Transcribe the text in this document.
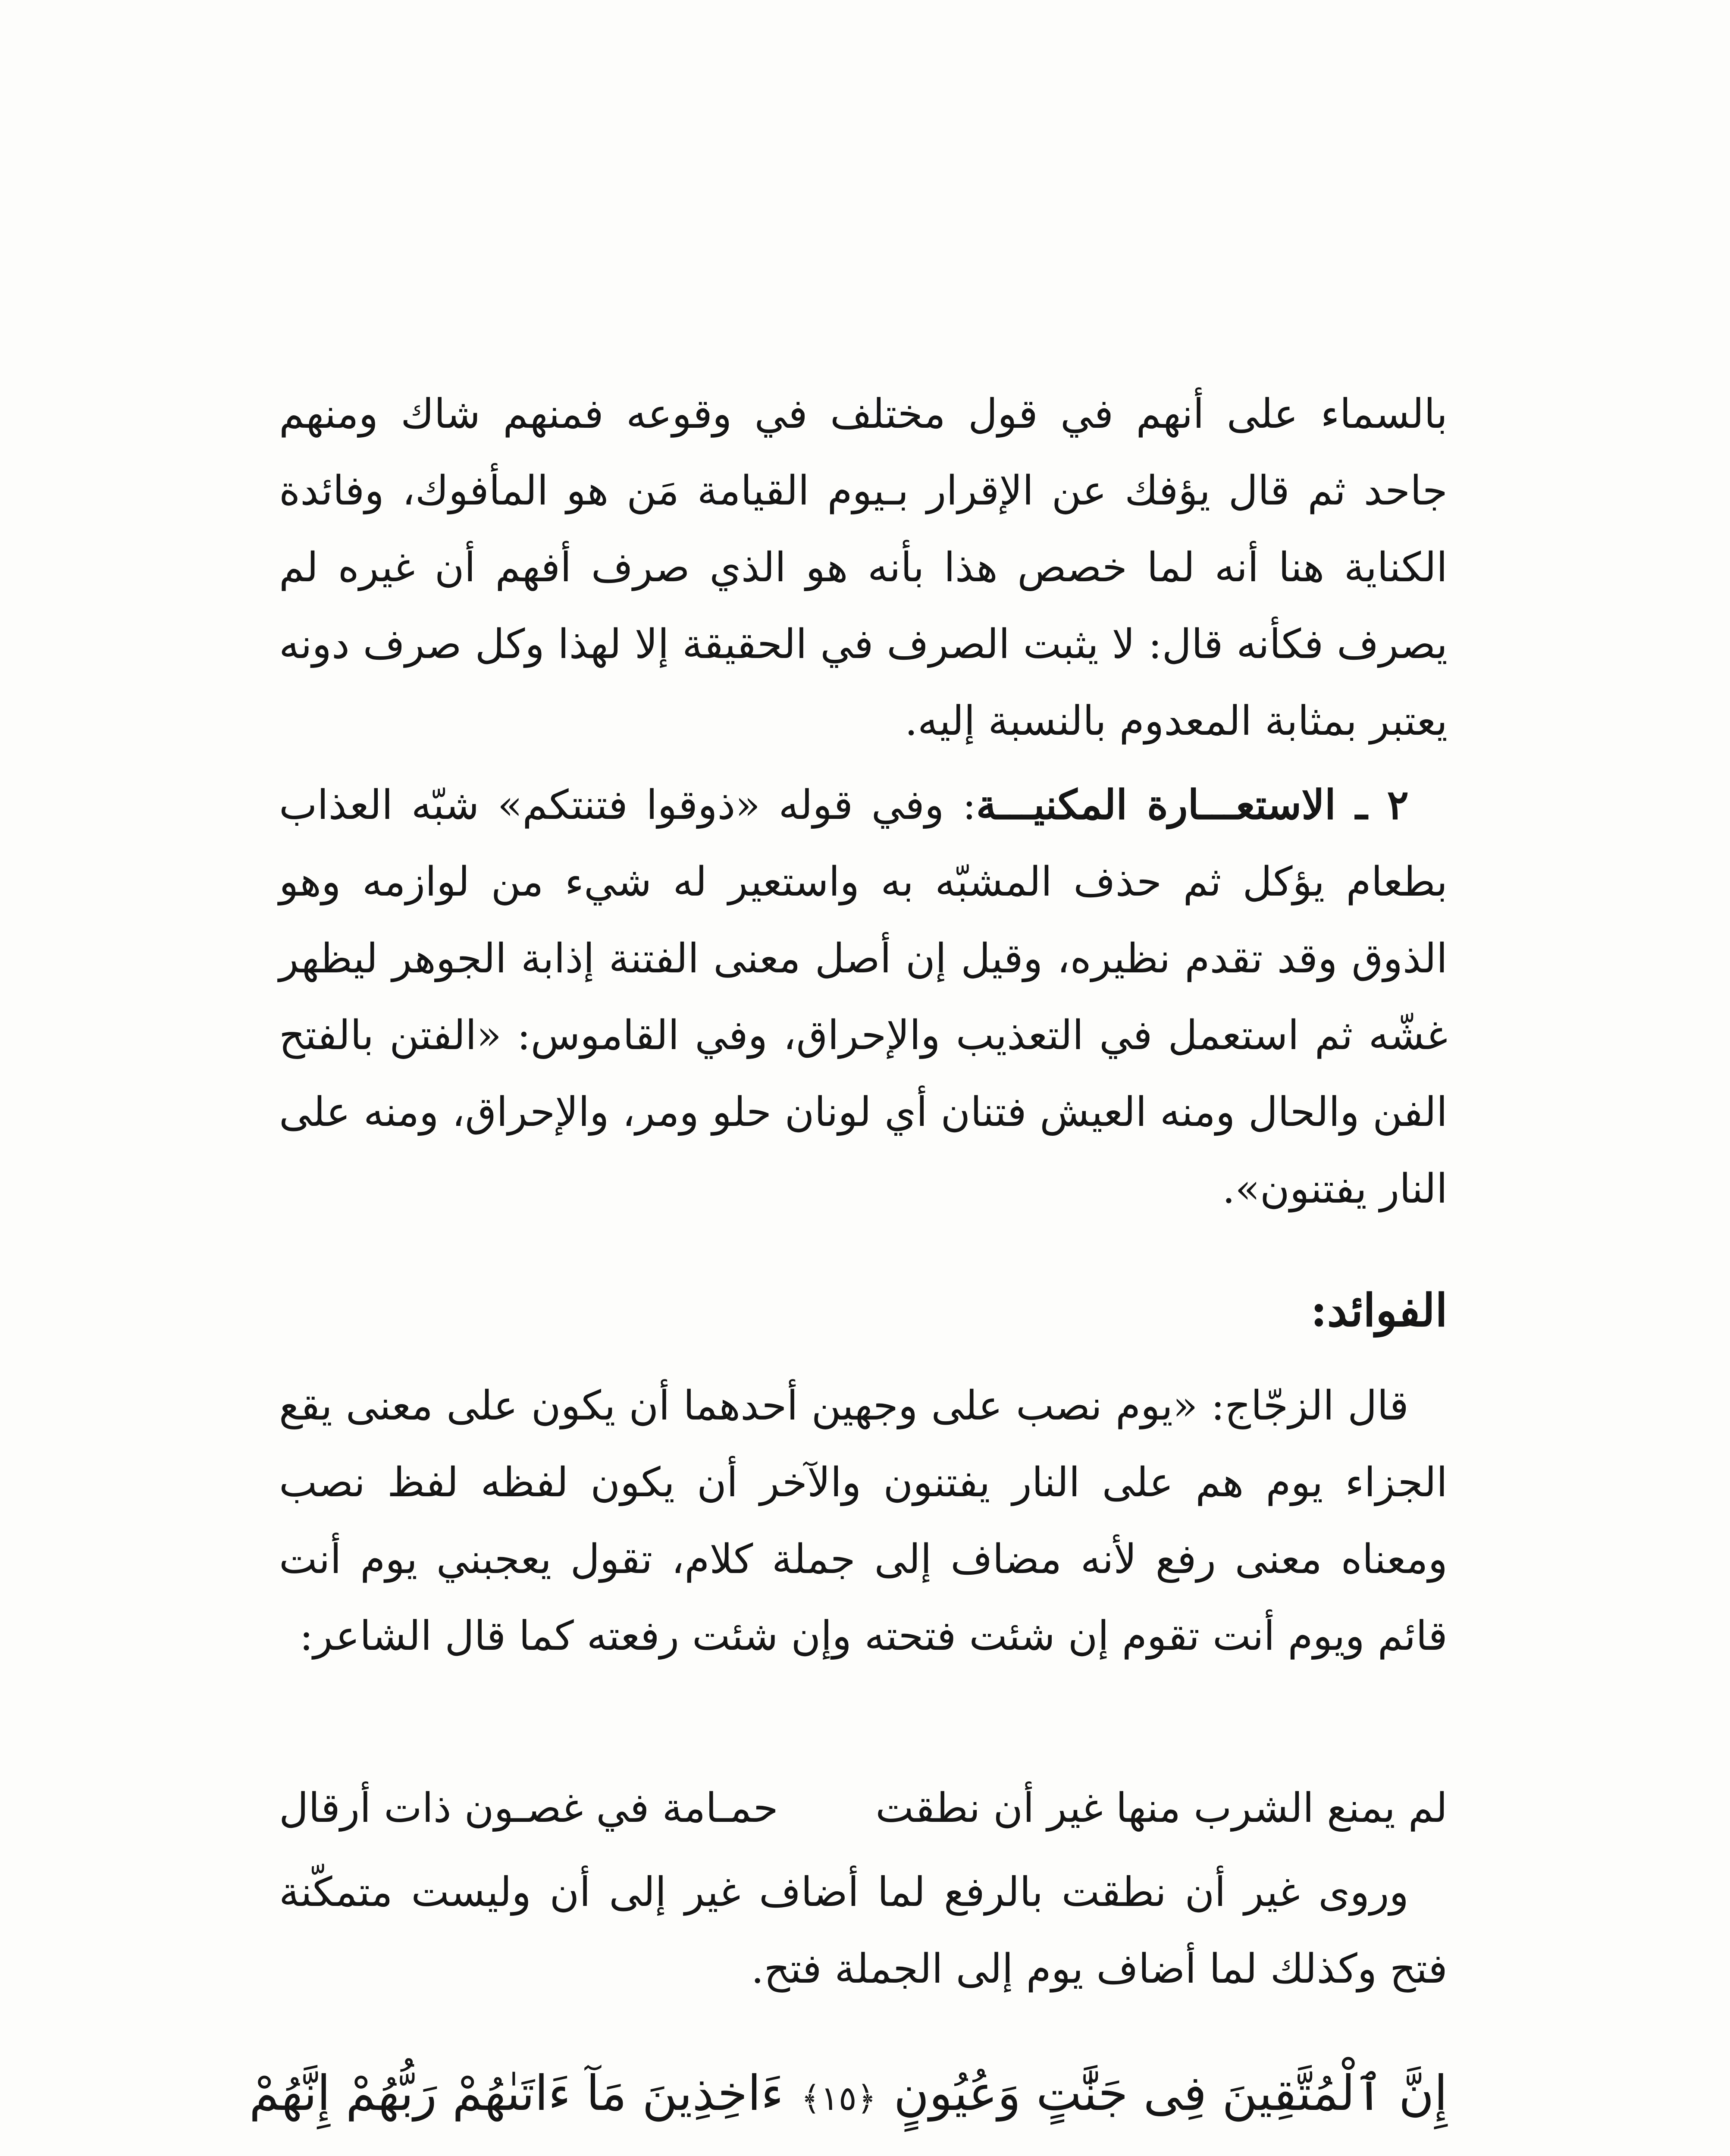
بالسماء على أنهم في قول مختلف في وقوعه فمنهم شاك ومنهم جاحد ثم قال يؤفك عن الإقرار بـيوم القيامة مَن هو المأفوك، وفائدة الكناية هنا أنه لما خصص هذا بأنه هو الذي صرف أفهم أن غيره لم يصرف فكأنه قال: لا يثبت الصرف في الحقيقة إلا لهذا وكل صرف دونه يعتبر بمثابة المعدوم بالنسبة إليه.

٢ ـ الاستعـــارة المكنيـــة: وفي قوله «ذوقوا فتنتكم» شبّه العذاب بطعام يؤكل ثم حذف المشبّه به واستعير له شيء من لوازمه وهو الذوق وقد تقدم نظيره، وقيل إن أصل معنى الفتنة إذابة الجوهر ليظهر غشّه ثم استعمل في التعذيب والإحراق، وفي القاموس: «الفتن بالفتح الفن والحال ومنه العيش فتنان أي لونان حلو ومر، والإحراق، ومنه على النار يفتنون».

الفوائد:

قال الزجّاج: «يوم نصب على وجهين أحدهما أن يكون على معنى يقع الجزاء يوم هم على النار يفتنون والآخر أن يكون لفظه لفظ نصب ومعناه معنى رفع لأنه مضاف إلى جملة كلام، تقول يعجبني يوم أنت قائم ويوم أنت تقوم إن شئت فتحته وإن شئت رفعته كما قال الشاعر:

لم يمنع الشرب منها غير أن نطقت
حمـامة في غصـون ذات أرقال

وروى غير أن نطقت بالرفع لما أضاف غير إلى أن وليست متمكّنة فتح وكذلك لما أضاف يوم إلى الجملة فتح.

إِنَّ ٱلْمُتَّقِينَ فِى جَنَّٰتٍ وَعُيُونٍ﴿١٥﴾ءَاخِذِينَ مَآ ءَاتَىٰهُمْ رَبُّهُمْ إِنَّهُمْ
